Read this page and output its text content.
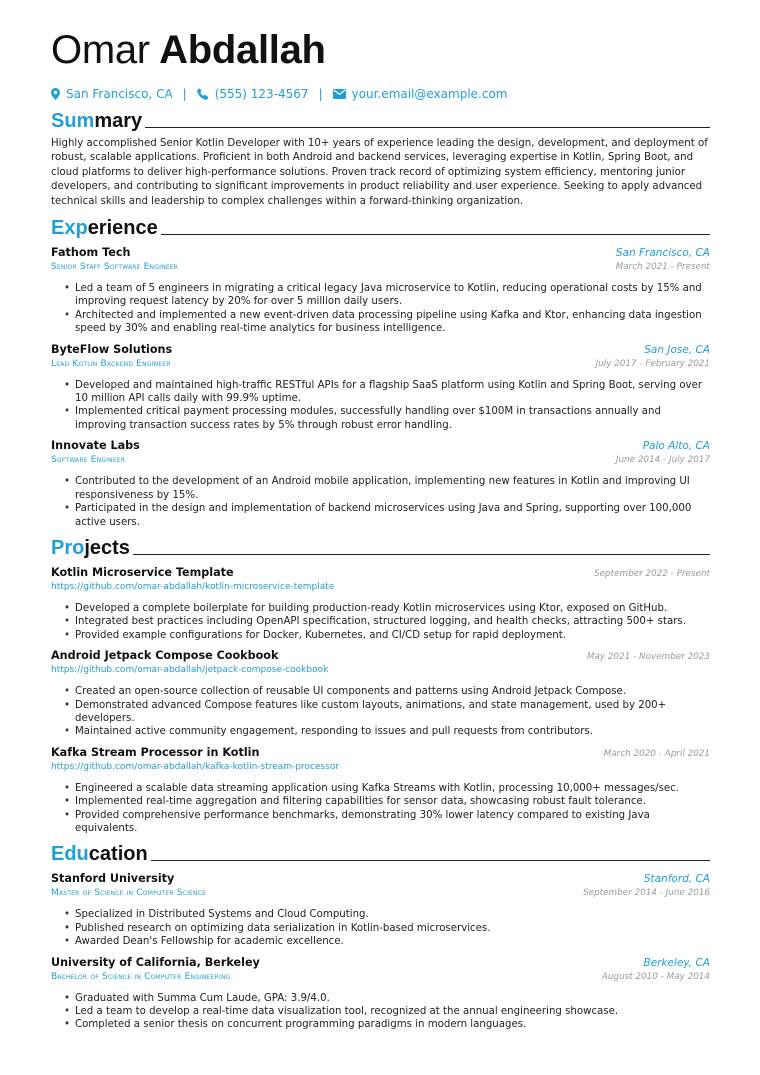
Omar Abdallah
San Francisco, CA | (555) 123-4567 | your.email@example.com
Summary
Highly accomplished Senior Kotlin Developer with 10+ years of experience leading the design, development, and deployment of robust, scalable applications. Proficient in both Android and backend services, leveraging expertise in Kotlin, Spring Boot, and cloud platforms to deliver high-performance solutions. Proven track record of optimizing system efficiency, mentoring junior developers, and contributing to significant improvements in product reliability and user experience. Seeking to apply advanced technical skills and leadership to complex challenges within a forward-thinking organization.
Experience
Fathom Tech	San Francisco, CA
Senior Staff Software Engineer	March 2021 - Present
• Led a team of 5 engineers in migrating a critical legacy Java microservice to Kotlin, reducing operational costs by 15% and improving request latency by 20% for over 5 million daily users.
• Architected and implemented a new event-driven data processing pipeline using Kafka and Ktor, enhancing data ingestion speed by 30% and enabling real-time analytics for business intelligence.
ByteFlow Solutions	San Jose, CA
Lead Kotlin Backend Engineer	July 2017 - February 2021
• Developed and maintained high-traffic RESTful APIs for a flagship SaaS platform using Kotlin and Spring Boot, serving over 10 million API calls daily with 99.9% uptime.
• Implemented critical payment processing modules, successfully handling over $100M in transactions annually and improving transaction success rates by 5% through robust error handling.
Innovate Labs	Palo Alto, CA
Software Engineer	June 2014 - July 2017
• Contributed to the development of an Android mobile application, implementing new features in Kotlin and improving UI responsiveness by 15%.
• Participated in the design and implementation of backend microservices using Java and Spring, supporting over 100,000 active users.
Projects
Kotlin Microservice Template	September 2022 - Present
https://github.com/omar-abdallah/kotlin-microservice-template
• Developed a complete boilerplate for building production-ready Kotlin microservices using Ktor, exposed on GitHub.
• Integrated best practices including OpenAPI specification, structured logging, and health checks, attracting 500+ stars.
• Provided example configurations for Docker, Kubernetes, and CI/CD setup for rapid deployment.
Android Jetpack Compose Cookbook	May 2021 - November 2023
https://github.com/omar-abdallah/jetpack-compose-cookbook
• Created an open-source collection of reusable UI components and patterns using Android Jetpack Compose.
• Demonstrated advanced Compose features like custom layouts, animations, and state management, used by 200+ developers.
• Maintained active community engagement, responding to issues and pull requests from contributors.
Kafka Stream Processor in Kotlin	March 2020 - April 2021
https://github.com/omar-abdallah/kafka-kotlin-stream-processor
• Engineered a scalable data streaming application using Kafka Streams with Kotlin, processing 10,000+ messages/sec.
• Implemented real-time aggregation and filtering capabilities for sensor data, showcasing robust fault tolerance.
• Provided comprehensive performance benchmarks, demonstrating 30% lower latency compared to existing Java equivalents.
Education
Stanford University	Stanford, CA
Master of Science in Computer Science	September 2014 - June 2016
• Specialized in Distributed Systems and Cloud Computing.
• Published research on optimizing data serialization in Kotlin-based microservices.
• Awarded Dean's Fellowship for academic excellence.
University of California, Berkeley	Berkeley, CA
Bachelor of Science in Computer Engineering	August 2010 - May 2014
• Graduated with Summa Cum Laude, GPA: 3.9/4.0.
• Led a team to develop a real-time data visualization tool, recognized at the annual engineering showcase.
• Completed a senior thesis on concurrent programming paradigms in modern languages.
